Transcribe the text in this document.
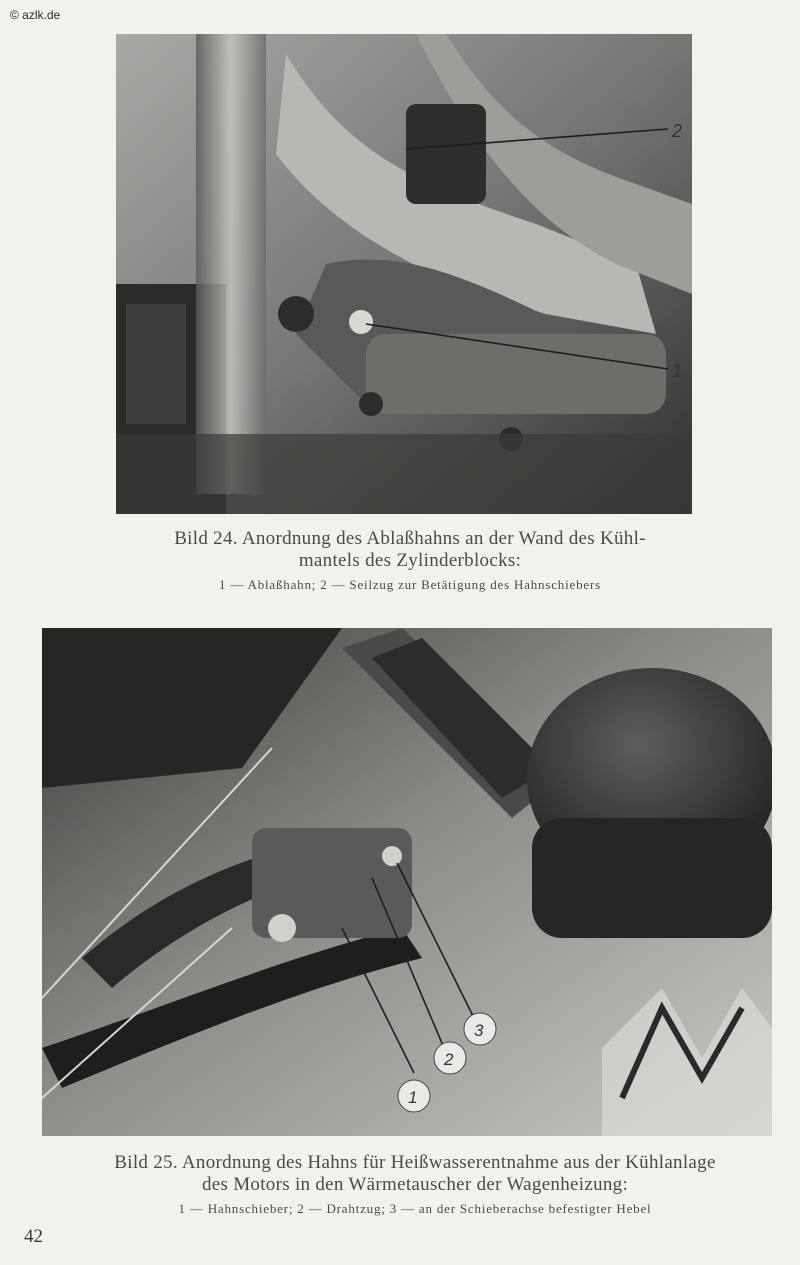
© azlk.de
2
1
Bild 24. Anordnung des Ablaßhahns an der Wand des Kühl-
mantels des Zylinderblocks:
1 — Ablaßhahn; 2 — Seilzug zur Betätigung des Hahnschiebers
1
2
3
Bild 25. Anordnung des Hahns für Heißwasserentnahme aus der Kühlanlage
des Motors in den Wärmetauscher der Wagenheizung:
1 — Hahnschieber; 2 — Drahtzug; 3 — an der Schieberachse befestigter Hebel
42
